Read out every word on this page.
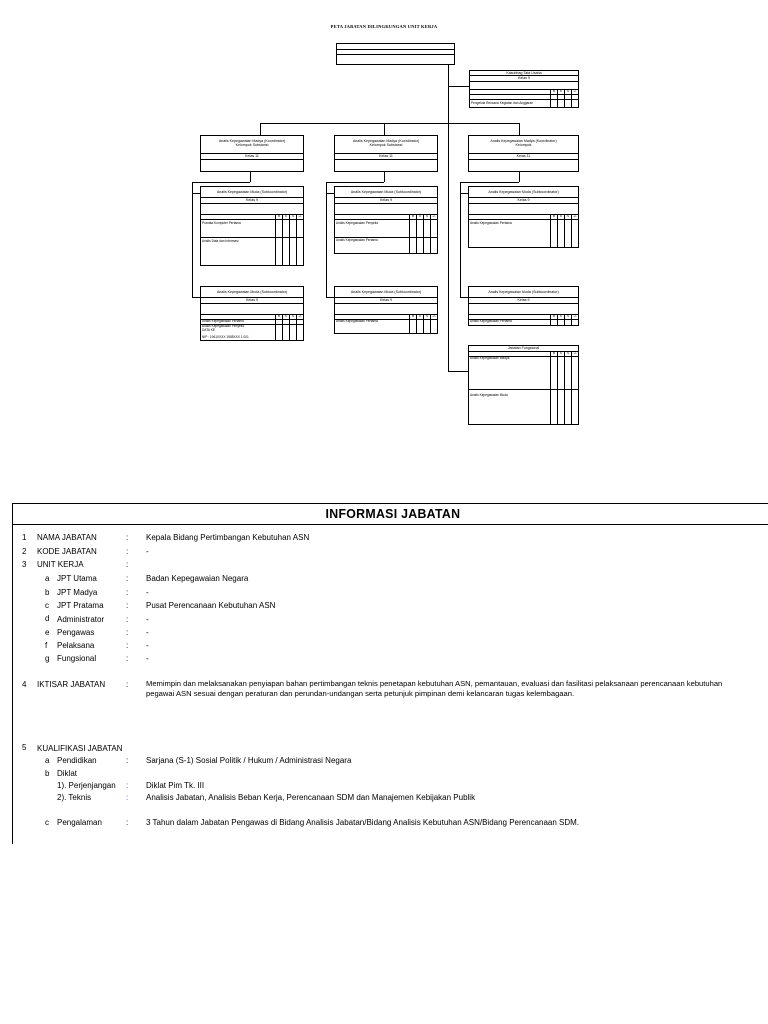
PETA JABATAN DILINGKUNGAN UNIT KERJA
Kasubbag Tata Usaha
Kelas 9
B	K	S	+/-
Pengelola Rencana Kegiatan dan Anggaran
Analis Kepegawaian Madya (Koordinator)
Kelompok Substansi
Kelas 11
Analis Kepegawaian Madya (Koordinator)
Kelompok Substansi
Kelas 11
Analis Kepegawaian Madya (Koordinator)
Kelompok
Kelas 11
Analis Kepegawaian Muda (Subkoordinator)
Kelas 9
B	K	S	+/-
Pranata Komputer Pertama
Analis Data dan Informasi
Analis Kepegawaian Muda (Subkoordinator)
Kelas 9
B	K	S	+/-
Analis Kepegawaian Penyelia
Analis Kepegawaian Pertama
Analis Kepegawaian Muda (Subkoordinator)
Kelas 9
B	K	S	+/-
Analis Kepegawaian Pertama
Analis Kepegawaian Muda (Subkoordinator)
Kelas 9
B	K	S	+/-
Analis Kepegawaian Pertama
Analis Kepegawaian Penyelia
DATA KE
NIP : 1961XXXX 1985XXX 1 001
Analis Kepegawaian Muda (Subkoordinator)
Kelas 9
B	K	S	+/-
Analis Kepegawaian Pertama
Analis Kepegawaian Muda (Subkoordinator)
Kelas 9
B	K	S	+/-
Analis Kepegawaian Pertama
Jabatan Fungsional
B	K	S	+/-
Analis Kepegawaian Madya
Analis Kepegawaian Muda
INFORMASI JABATAN
1 NAMA JABATAN	: Kepala Bidang Pertimbangan Kebutuhan ASN
2 KODE JABATAN	: -
3 UNIT KERJA	:
a JPT Utama	: Badan Kepegawaian Negara
b JPT Madya	: -
c JPT Pratama	: Pusat Perencanaan Kebutuhan ASN
d Administrator	: -
e Pengawas	: -
f Pelaksana	: -
g Fungsional	: -
4 IKTISAR JABATAN	: Memimpin dan melaksanakan penyiapan bahan pertimbangan teknis penetapan kebutuhan ASN, pemantauan, evaluasi dan fasilitasi pelaksanaan perencanaan kebutuhan pegawai ASN sesuai dengan peraturan dan perundan-undangan serta petunjuk pimpinan demi kelancaran tugas kelembagaan.
5 KUALIFIKASI JABATAN
a Pendidikan	: Sarjana (S-1) Sosial Politik / Hukum / Administrasi Negara
b Diklat
1). Perjenjangan : Diklat Pim Tk. III
2). Teknis	: Analisis Jabatan, Analisis Beban Kerja, Perencanaan SDM dan Manajemen Kebijakan Publik
c Pengalaman	: 3 Tahun dalam Jabatan Pengawas di Bidang Analisis Jabatan/Bidang Analisis Kebutuhan ASN/Bidang Perencanaan SDM.
